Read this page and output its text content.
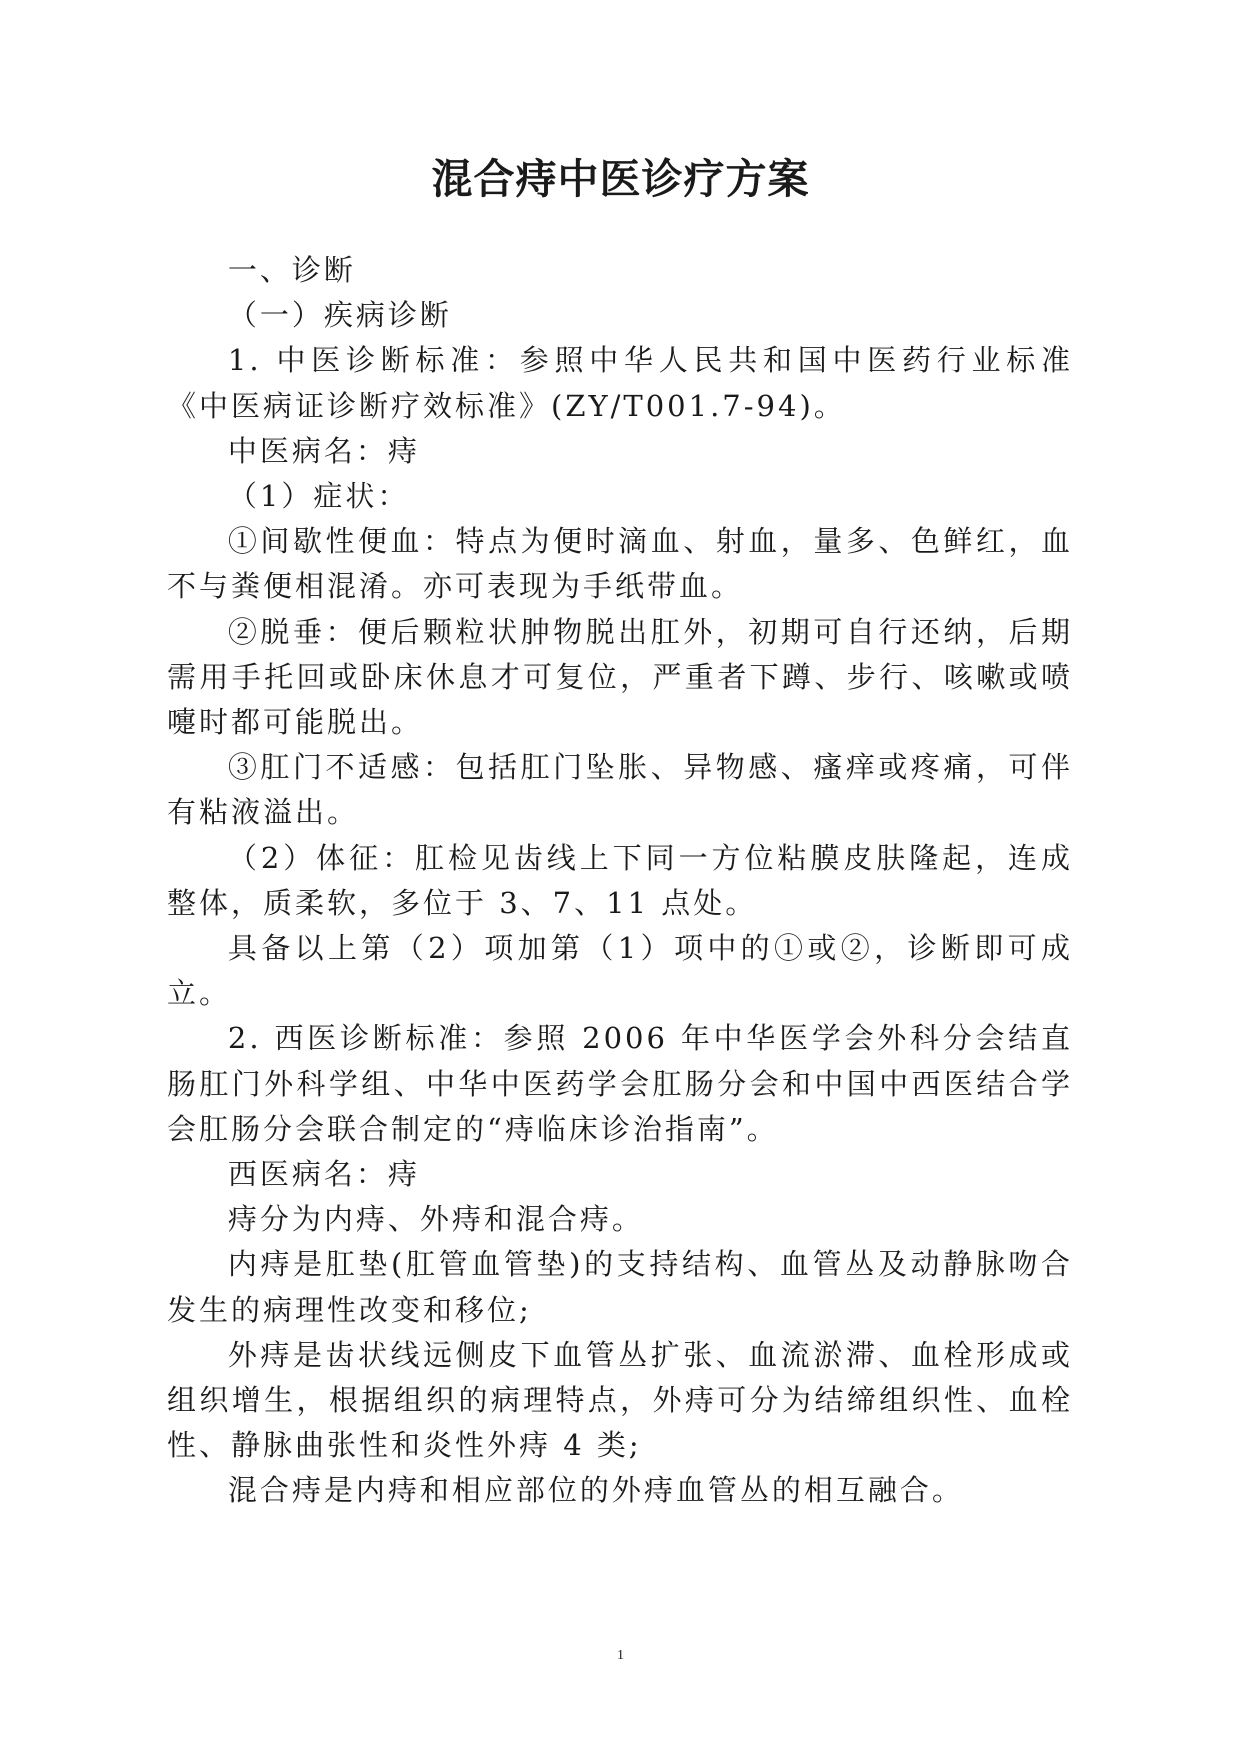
混合痔中医诊疗方案

一、诊断

（一）疾病诊断

1. 中医诊断标准：参照中华人民共和国中医药行业标准《中医病证诊断疗效标准》(ZY/T001.7-94)。

中医病名：痔

（1）症状：

①间歇性便血：特点为便时滴血、射血，量多、色鲜红，血不与粪便相混淆。亦可表现为手纸带血。

②脱垂：便后颗粒状肿物脱出肛外，初期可自行还纳，后期需用手托回或卧床休息才可复位，严重者下蹲、步行、咳嗽或喷嚏时都可能脱出。

③肛门不适感：包括肛门坠胀、异物感、瘙痒或疼痛，可伴有粘液溢出。

（2）体征：肛检见齿线上下同一方位粘膜皮肤隆起，连成整体，质柔软，多位于 3、7、11 点处。

具备以上第（2）项加第（1）项中的①或②，诊断即可成立。

2. 西医诊断标准：参照 2006 年中华医学会外科分会结直肠肛门外科学组、中华中医药学会肛肠分会和中国中西医结合学会肛肠分会联合制定的“痔临床诊治指南”。

西医病名：痔

痔分为内痔、外痔和混合痔。

内痔是肛垫(肛管血管垫)的支持结构、血管丛及动静脉吻合发生的病理性改变和移位;

外痔是齿状线远侧皮下血管丛扩张、血流淤滞、血栓形成或组织增生，根据组织的病理特点，外痔可分为结缔组织性、血栓性、静脉曲张性和炎性外痔 4 类;

混合痔是内痔和相应部位的外痔血管丛的相互融合。

1
